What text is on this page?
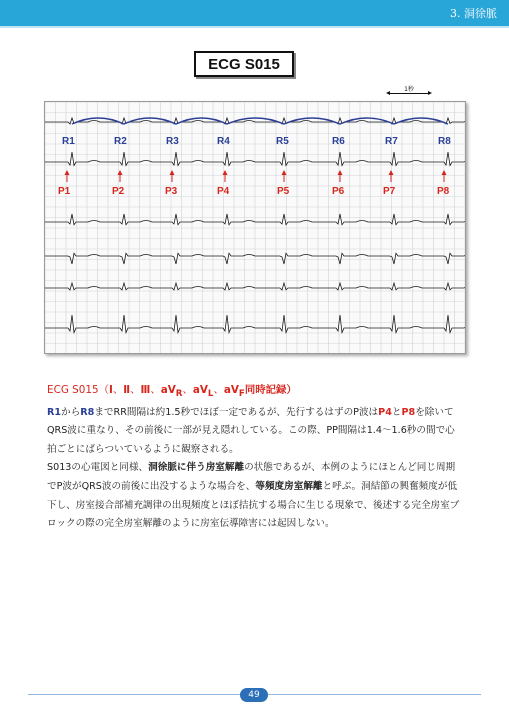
3. 洞徐脈
ECG S015
1秒
R1	R2	R3	R4	R5	R6	R7	R8
P1	P2	P3	P4	P5	P6	P7	P8

ECG S015（Ⅰ、Ⅱ、Ⅲ、$aV_R$、$aV_L$、$aV_F$同時記録）

R1からR8までRR間隔は約1.5秒でほぼ一定であるが、先行するはずのP波はP4とP8を除いてQRS波に重なり、その前後に一部が見え隠れしている。この際、PP間隔は1.4〜1.6秒の間で心拍ごとにばらついているように観察される。

S013の心電図と同様、洞徐脈に伴う房室解離の状態であるが、本例のようにほとんど同じ周期でP波がQRS波の前後に出没するような場合を、等頻度房室解離と呼ぶ。洞結節の興奮頻度が低下し、房室接合部補充調律の出現頻度とほぼ拮抗する場合に生じる現象で、後述する完全房室ブロックの際の完全房室解離のように房室伝導障害には起因しない。

49
